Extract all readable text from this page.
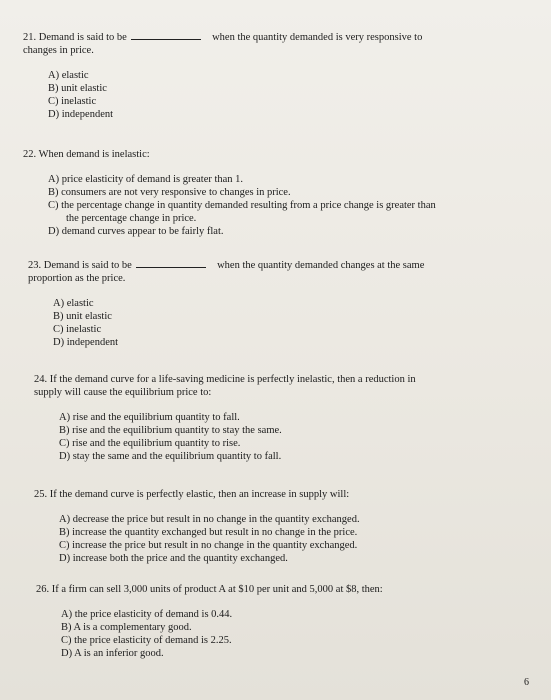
21. Demand is said to be	when the quantity demanded is very responsive to
changes in price.
A) elastic
B) unit elastic
C) inelastic
D) independent
22. When demand is inelastic:
A) price elasticity of demand is greater than 1.
B) consumers are not very responsive to changes in price.
C) the percentage change in quantity demanded resulting from a price change is greater than
the percentage change in price.
D) demand curves appear to be fairly flat.
23. Demand is said to be	when the quantity demanded changes at the same
proportion as the price.
A) elastic
B) unit elastic
C) inelastic
D) independent
24. If the demand curve for a life-saving medicine is perfectly inelastic, then a reduction in
supply will cause the equilibrium price to:
A) rise and the equilibrium quantity to fall.
B) rise and the equilibrium quantity to stay the same.
C) rise and the equilibrium quantity to rise.
D) stay the same and the equilibrium quantity to fall.
25. If the demand curve is perfectly elastic, then an increase in supply will:
A) decrease the price but result in no change in the quantity exchanged.
B) increase the quantity exchanged but result in no change in the price.
C) increase the price but result in no change in the quantity exchanged.
D) increase both the price and the quantity exchanged.
26. If a firm can sell 3,000 units of product A at $10 per unit and 5,000 at $8, then:
A) the price elasticity of demand is 0.44.
B) A is a complementary good.
C) the price elasticity of demand is 2.25.
D) A is an inferior good.
6
